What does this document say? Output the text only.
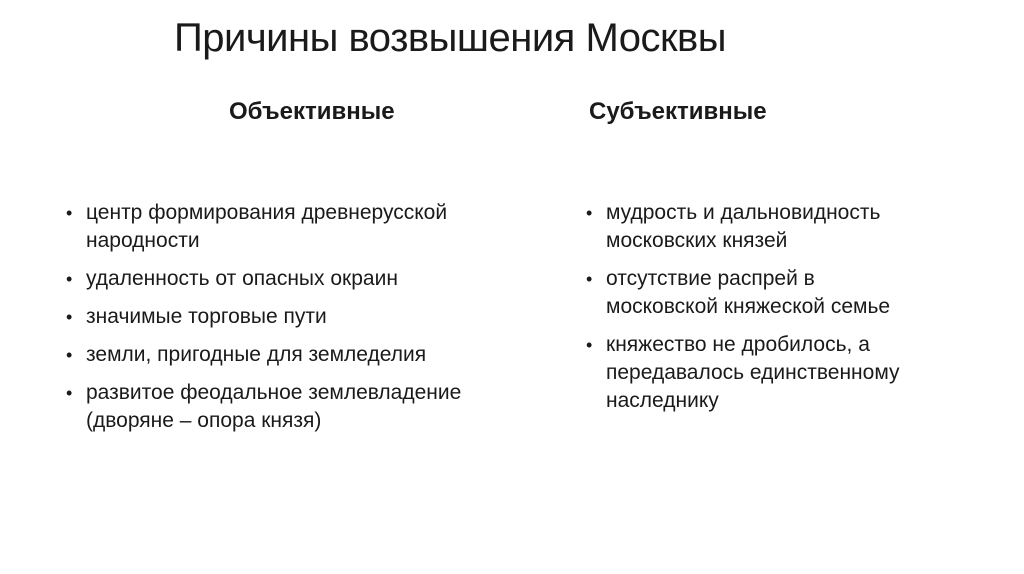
Причины возвышения Москвы
Объективные	Субъективные
• центр формирования древнерусской
народности
• удаленность от опасных окраин
• значимые торговые пути
• земли, пригодные для земледелия
• развитое феодальное землевладение
(дворяне – опора князя)
• мудрость и дальновидность
московских князей
• отсутствие распрей в
московской княжеской семье
• княжество не дробилось, а
передавалось единственному
наследнику
